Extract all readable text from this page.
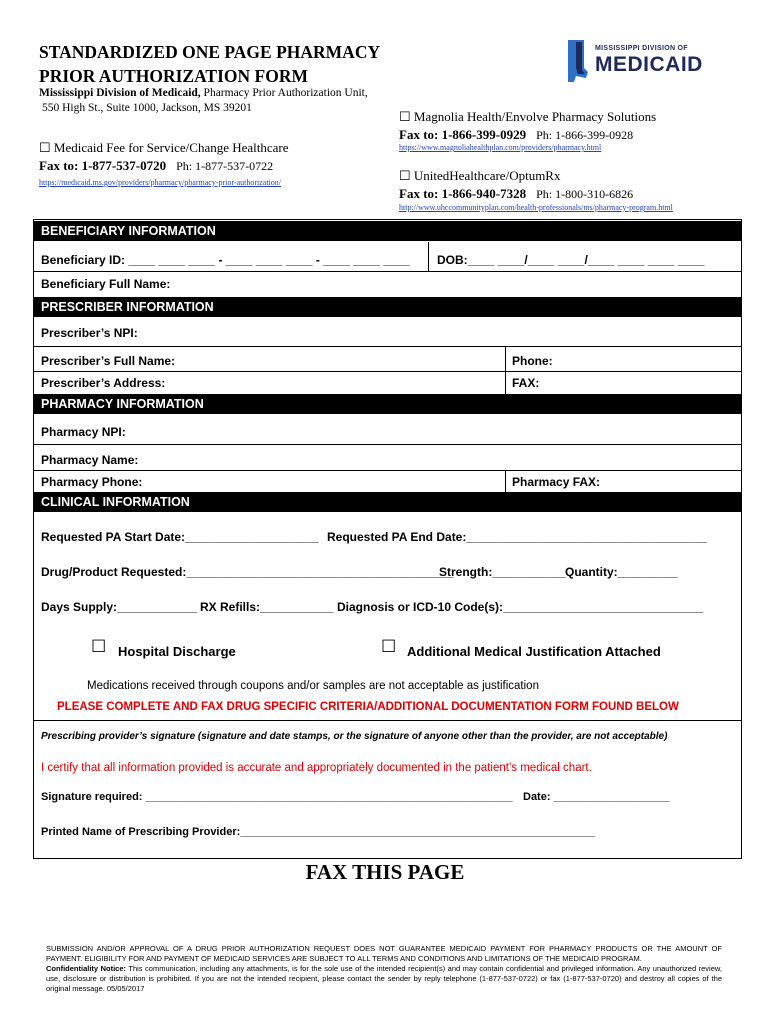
STANDARDIZED ONE PAGE PHARMACY
PRIOR AUTHORIZATION FORM
Mississippi Division of Medicaid, Pharmacy Prior Authorization Unit,
550 High St., Suite 1000, Jackson, MS 39201
MISSISSIPPI DIVISION OF
MEDICAID
☐ Magnolia Health/Envolve Pharmacy Solutions
Fax to: 1-866-399-0929 Ph: 1-866-399-0928
https://www.magnoliahealthplan.com/providers/pharmacy.html
☐ Medicaid Fee for Service/Change Healthcare
Fax to: 1-877-537-0720 Ph: 1-877-537-0722
https://medicaid.ms.gov/providers/pharmacy/pharmacy-prior-authorization/	☐ UnitedHealthcare/OptumRx
Fax to: 1-866-940-7328 Ph: 1-800-310-6826
http://www.uhccommunityplan.com/health-professionals/ms/pharmacy-program.html
BENEFICIARY INFORMATION
Beneficiary ID: ____ ____ ____ - ____ ____ ____ - ____ ____ ____ DOB:____ ____/____ ____/____ ____ ____ ____
Beneficiary Full Name:
PRESCRIBER INFORMATION
Prescriber’s NPI:
Prescriber’s Full Name:	Phone:
Prescriber’s Address:	FAX:
PHARMACY INFORMATION
Pharmacy NPI:
Pharmacy Name:
Pharmacy Phone:	Pharmacy FAX:
CLINICAL INFORMATION
Requested PA Start Date:____________________ Requested PA End Date:____________________________________
Drug/Product Requested:________________________________________
Strength:___________ Quantity:_________
Days Supply:____________ RX Refills:___________ Diagnosis or ICD-10 Code(s):______________________________
☐ Hospital Discharge	☐ Additional Medical Justification Attached
Medications received through coupons and/or samples are not acceptable as justification
PLEASE COMPLETE AND FAX DRUG SPECIFIC CRITERIA/ADDITIONAL DOCUMENTATION FORM FOUND BELOW
Prescribing provider’s signature (signature and date stamps, or the signature of anyone other than the provider, are not acceptable)
I certify that all information provided is accurate and appropriately documented in the patient’s medical chart.
Signature required: ____________________________________________________________ Date: ___________________
Printed Name of Prescribing Provider:__________________________________________________________
FAX THIS PAGE
SUBMISSION AND/OR APPROVAL OF A DRUG PRIOR AUTHORIZATION REQUEST DOES NOT GUARANTEE MEDICAID PAYMENT FOR PHARMACY PRODUCTS OR THE AMOUNT OF PAYMENT. ELIGIBILITY FOR AND PAYMENT OF MEDICAID SERVICES ARE SUBJECT TO ALL TERMS AND CONDITIONS AND LIMITATIONS OF THE MEDICAID PROGRAM.
Confidentiality Notice: This communication, including any attachments, is for the sole use of the intended recipient(s) and may contain confidential and privileged information. Any unauthorized review, use, disclosure or distribution is prohibited. If you are not the intended recipient, please contact the sender by reply telephone (1-877-537-0722) or fax (1-877-537-0720) and destroy all copies of the original message. 05/05/2017
